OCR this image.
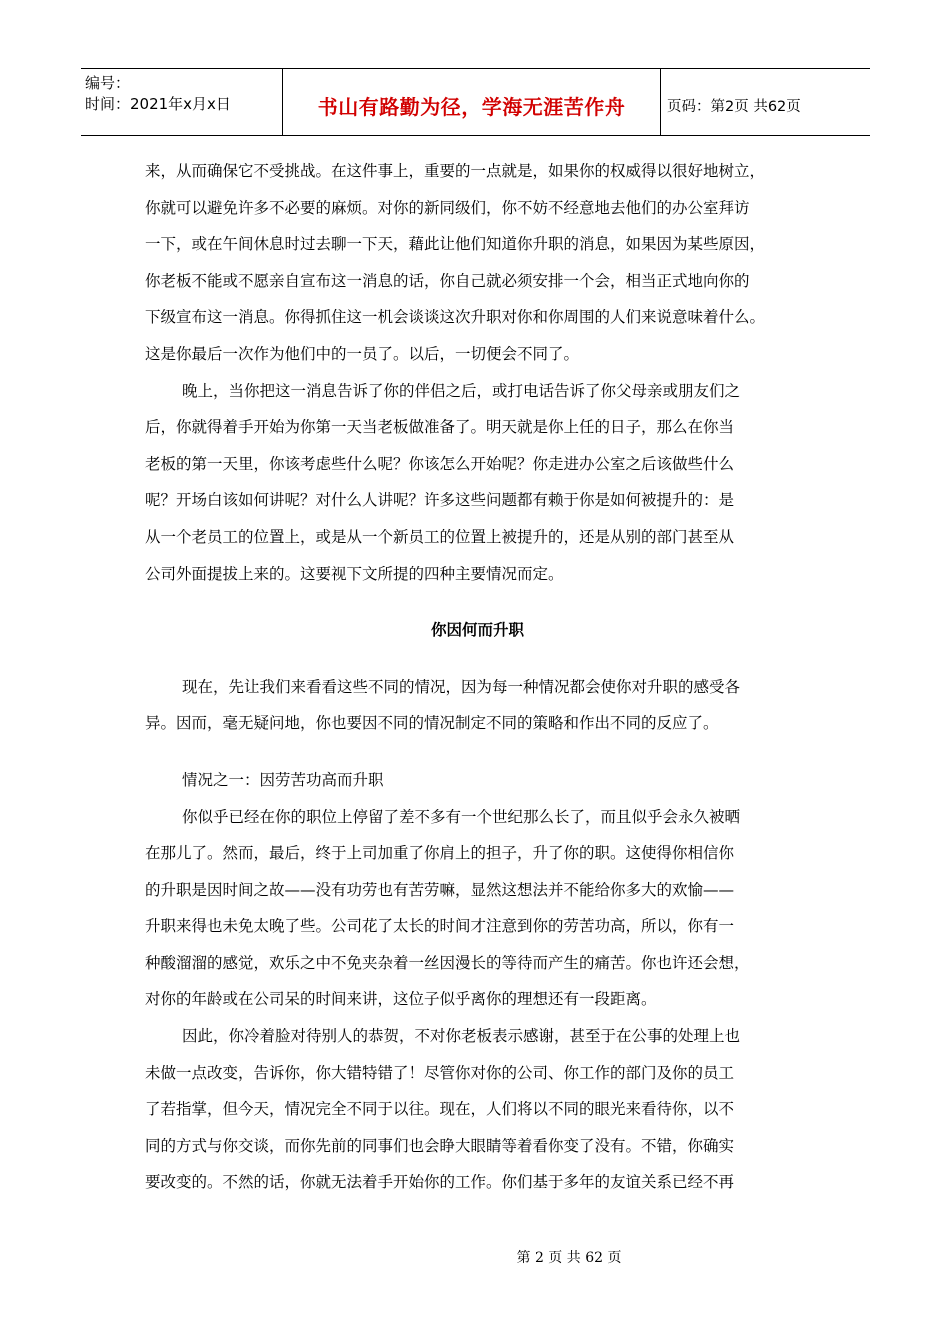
编号：
时间：2021年x月x日	书山有路勤为径，学海无涯苦作舟	页码：第2页 共62页
来，从而确保它不受挑战。在这件事上，重要的一点就是，如果你的权威得以很好地树立，
你就可以避免许多不必要的麻烦。对你的新同级们，你不妨不经意地去他们的办公室拜访
一下，或在午间休息时过去聊一下天，藉此让他们知道你升职的消息，如果因为某些原因，
你老板不能或不愿亲自宣布这一消息的话，你自己就必须安排一个会，相当正式地向你的
下级宣布这一消息。你得抓住这一机会谈谈这次升职对你和你周围的人们来说意味着什么。
这是你最后一次作为他们中的一员了。以后，一切便会不同了。
晚上，当你把这一消息告诉了你的伴侣之后，或打电话告诉了你父母亲或朋友们之
后，你就得着手开始为你第一天当老板做准备了。明天就是你上任的日子，那么在你当
老板的第一天里，你该考虑些什么呢？你该怎么开始呢？你走进办公室之后该做些什么
呢？开场白该如何讲呢？对什么人讲呢？许多这些问题都有赖于你是如何被提升的：是
从一个老员工的位置上，或是从一个新员工的位置上被提升的，还是从别的部门甚至从
公司外面提拔上来的。这要视下文所提的四种主要情况而定。
你因何而升职
现在，先让我们来看看这些不同的情况，因为每一种情况都会使你对升职的感受各
异。因而，毫无疑问地，你也要因不同的情况制定不同的策略和作出不同的反应了。
情况之一：因劳苦功高而升职
你似乎已经在你的职位上停留了差不多有一个世纪那么长了，而且似乎会永久被晒
在那儿了。然而，最后，终于上司加重了你肩上的担子，升了你的职。这使得你相信你
的升职是因时间之故——没有功劳也有苦劳嘛，显然这想法并不能给你多大的欢愉——
升职来得也未免太晚了些。公司花了太长的时间才注意到你的劳苦功高，所以，你有一
种酸溜溜的感觉，欢乐之中不免夹杂着一丝因漫长的等待而产生的痛苦。你也许还会想，
对你的年龄或在公司呆的时间来讲，这位子似乎离你的理想还有一段距离。
因此，你冷着脸对待别人的恭贺，不对你老板表示感谢，甚至于在公事的处理上也
未做一点改变，告诉你，你大错特错了！尽管你对你的公司、你工作的部门及你的员工
了若指掌，但今天，情况完全不同于以往。现在，人们将以不同的眼光来看待你，以不
同的方式与你交谈，而你先前的同事们也会睁大眼睛等着看你变了没有。不错，你确实
要改变的。不然的话，你就无法着手开始你的工作。你们基于多年的友谊关系已经不再
第 2 页 共 62 页
